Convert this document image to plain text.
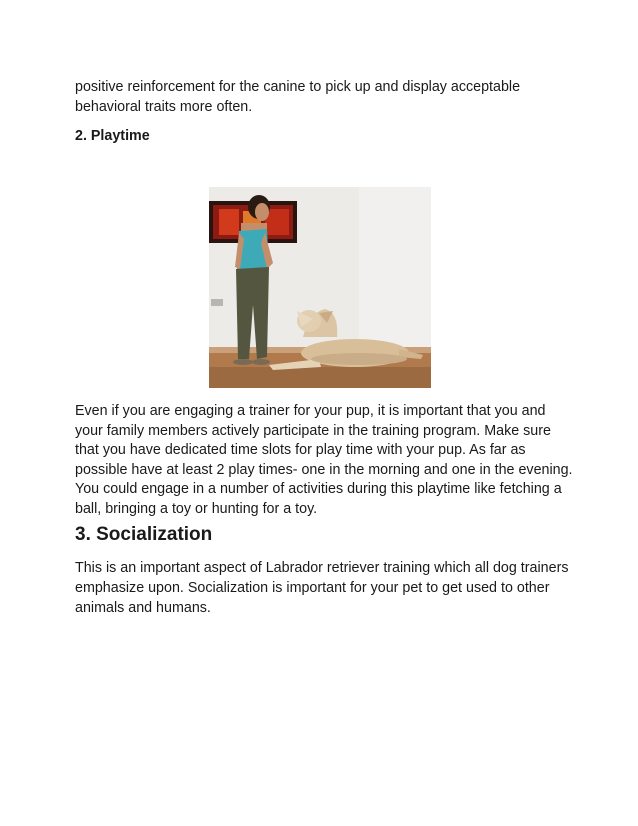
positive reinforcement for the canine to pick up and display acceptable behavioral traits more often.

2. Playtime

Even if you are engaging a trainer for your pup, it is important that you and your family members actively participate in the training program. Make sure that you have dedicated time slots for play time with your pup. As far as possible have at least 2 play times- one in the morning and one in the evening. You could engage in a number of activities during this playtime like fetching a ball, bringing a toy or hunting for a toy.

3. Socialization

This is an important aspect of Labrador retriever training which all dog trainers emphasize upon. Socialization is important for your pet to get used to other animals and humans.
